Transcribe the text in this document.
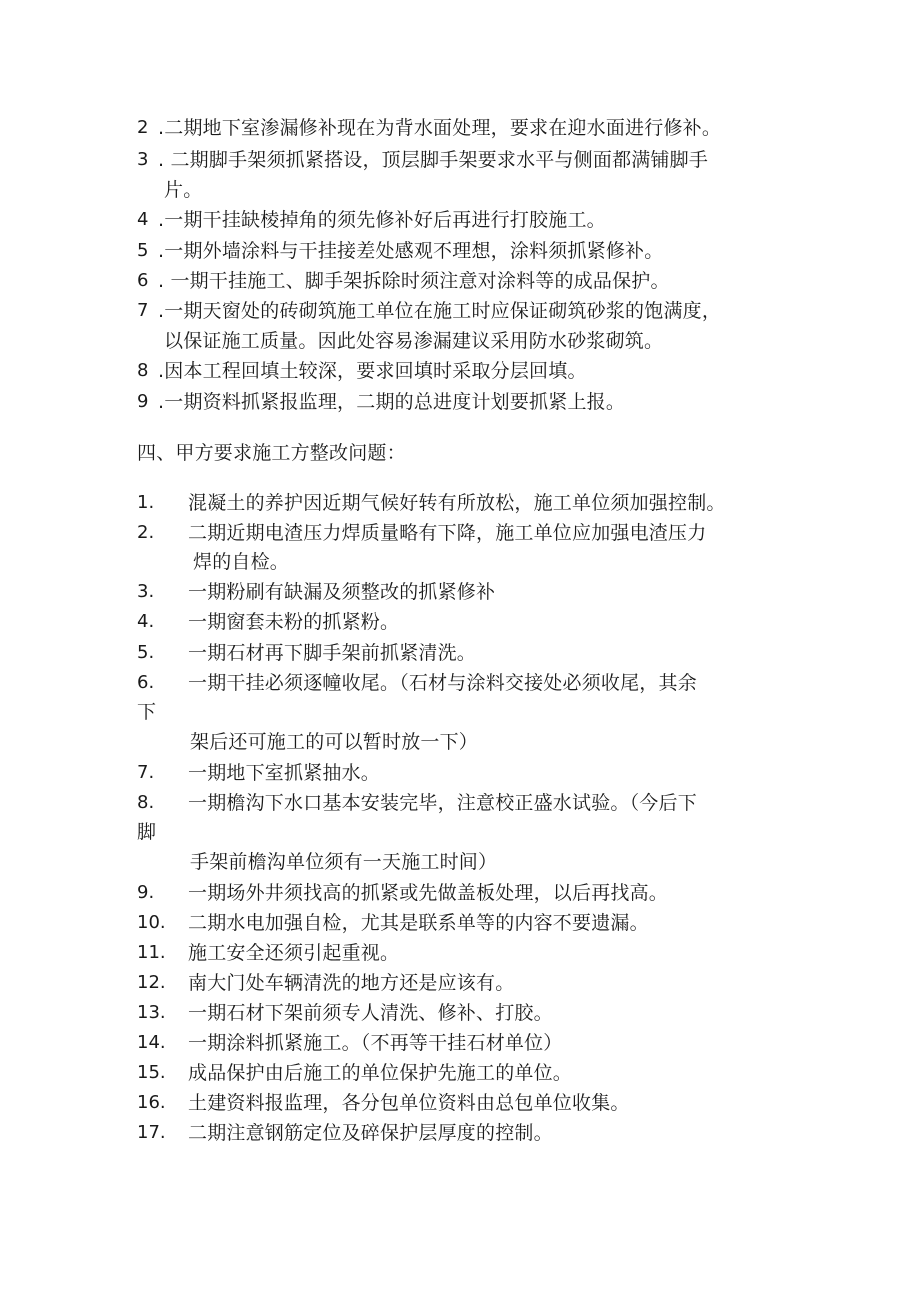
2 .二期地下室渗漏修补现在为背水面处理，要求在迎水面进行修补。
3 . 二期脚手架须抓紧搭设，顶层脚手架要求水平与侧面都满铺脚手
片。
4 .一期干挂缺棱掉角的须先修补好后再进行打胶施工。
5 .一期外墙涂料与干挂接差处感观不理想，涂料须抓紧修补。
6 . 一期干挂施工、脚手架拆除时须注意对涂料等的成品保护。
7 .一期天窗处的砖砌筑施工单位在施工时应保证砌筑砂浆的饱满度，
以保证施工质量。因此处容易渗漏建议采用防水砂浆砌筑。
8 .因本工程回填土较深，要求回填时采取分层回填。
9 .一期资料抓紧报监理，二期的总进度计划要抓紧上报。
四、甲方要求施工方整改问题：
1. 混凝土的养护因近期气候好转有所放松，施工单位须加强控制。
2. 二期近期电渣压力焊质量略有下降，施工单位应加强电渣压力
焊的自检。
3. 一期粉刷有缺漏及须整改的抓紧修补
4. 一期窗套未粉的抓紧粉。
5. 一期石材再下脚手架前抓紧清洗。
6. 一期干挂必须逐幢收尾。（石材与涂料交接处必须收尾，其余
下
架后还可施工的可以暂时放一下）
7. 一期地下室抓紧抽水。
8. 一期檐沟下水口基本安装完毕，注意校正盛水试验。（今后下
脚
手架前檐沟单位须有一天施工时间）
9. 一期场外井须找高的抓紧或先做盖板处理，以后再找高。
10. 二期水电加强自检，尤其是联系单等的内容不要遗漏。
11. 施工安全还须引起重视。
12. 南大门处车辆清洗的地方还是应该有。
13. 一期石材下架前须专人清洗、修补、打胶。
14. 一期涂料抓紧施工。（不再等干挂石材单位）
15. 成品保护由后施工的单位保护先施工的单位。
16. 土建资料报监理，各分包单位资料由总包单位收集。
17. 二期注意钢筋定位及碎保护层厚度的控制。
